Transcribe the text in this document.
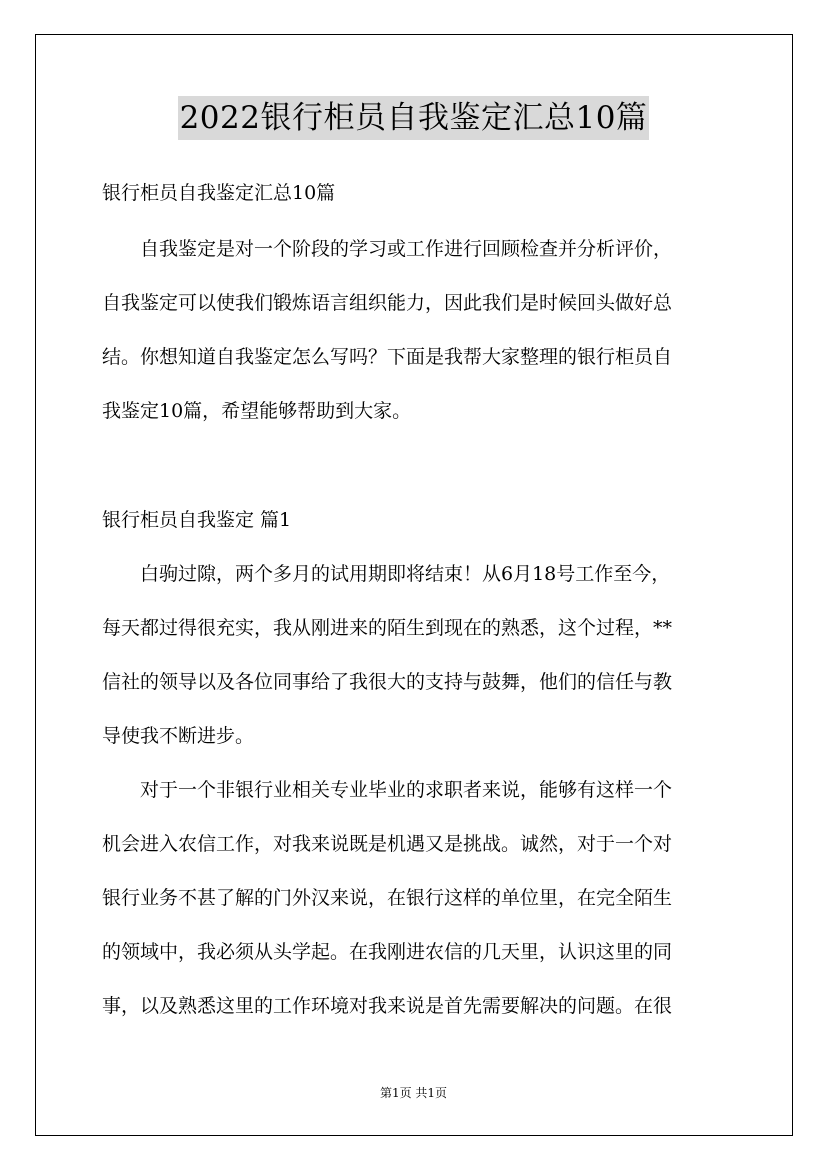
2022银行柜员自我鉴定汇总10篇
银行柜员自我鉴定汇总10篇
　　自我鉴定是对一个阶段的学习或工作进行回顾检查并分析评价，
自我鉴定可以使我们锻炼语言组织能力，因此我们是时候回头做好总
结。你想知道自我鉴定怎么写吗？下面是我帮大家整理的银行柜员自
我鉴定10篇，希望能够帮助到大家。
银行柜员自我鉴定 篇1
　　白驹过隙，两个多月的试用期即将结束！从6月18号工作至今，
每天都过得很充实，我从刚进来的陌生到现在的熟悉，这个过程，**
信社的领导以及各位同事给了我很大的支持与鼓舞，他们的信任与教
导使我不断进步。
　　对于一个非银行业相关专业毕业的求职者来说，能够有这样一个
机会进入农信工作，对我来说既是机遇又是挑战。诚然，对于一个对
银行业务不甚了解的门外汉来说，在银行这样的单位里，在完全陌生
的领域中，我必须从头学起。在我刚进农信的几天里，认识这里的同
事，以及熟悉这里的工作环境对我来说是首先需要解决的问题。在很
第1页 共1页
